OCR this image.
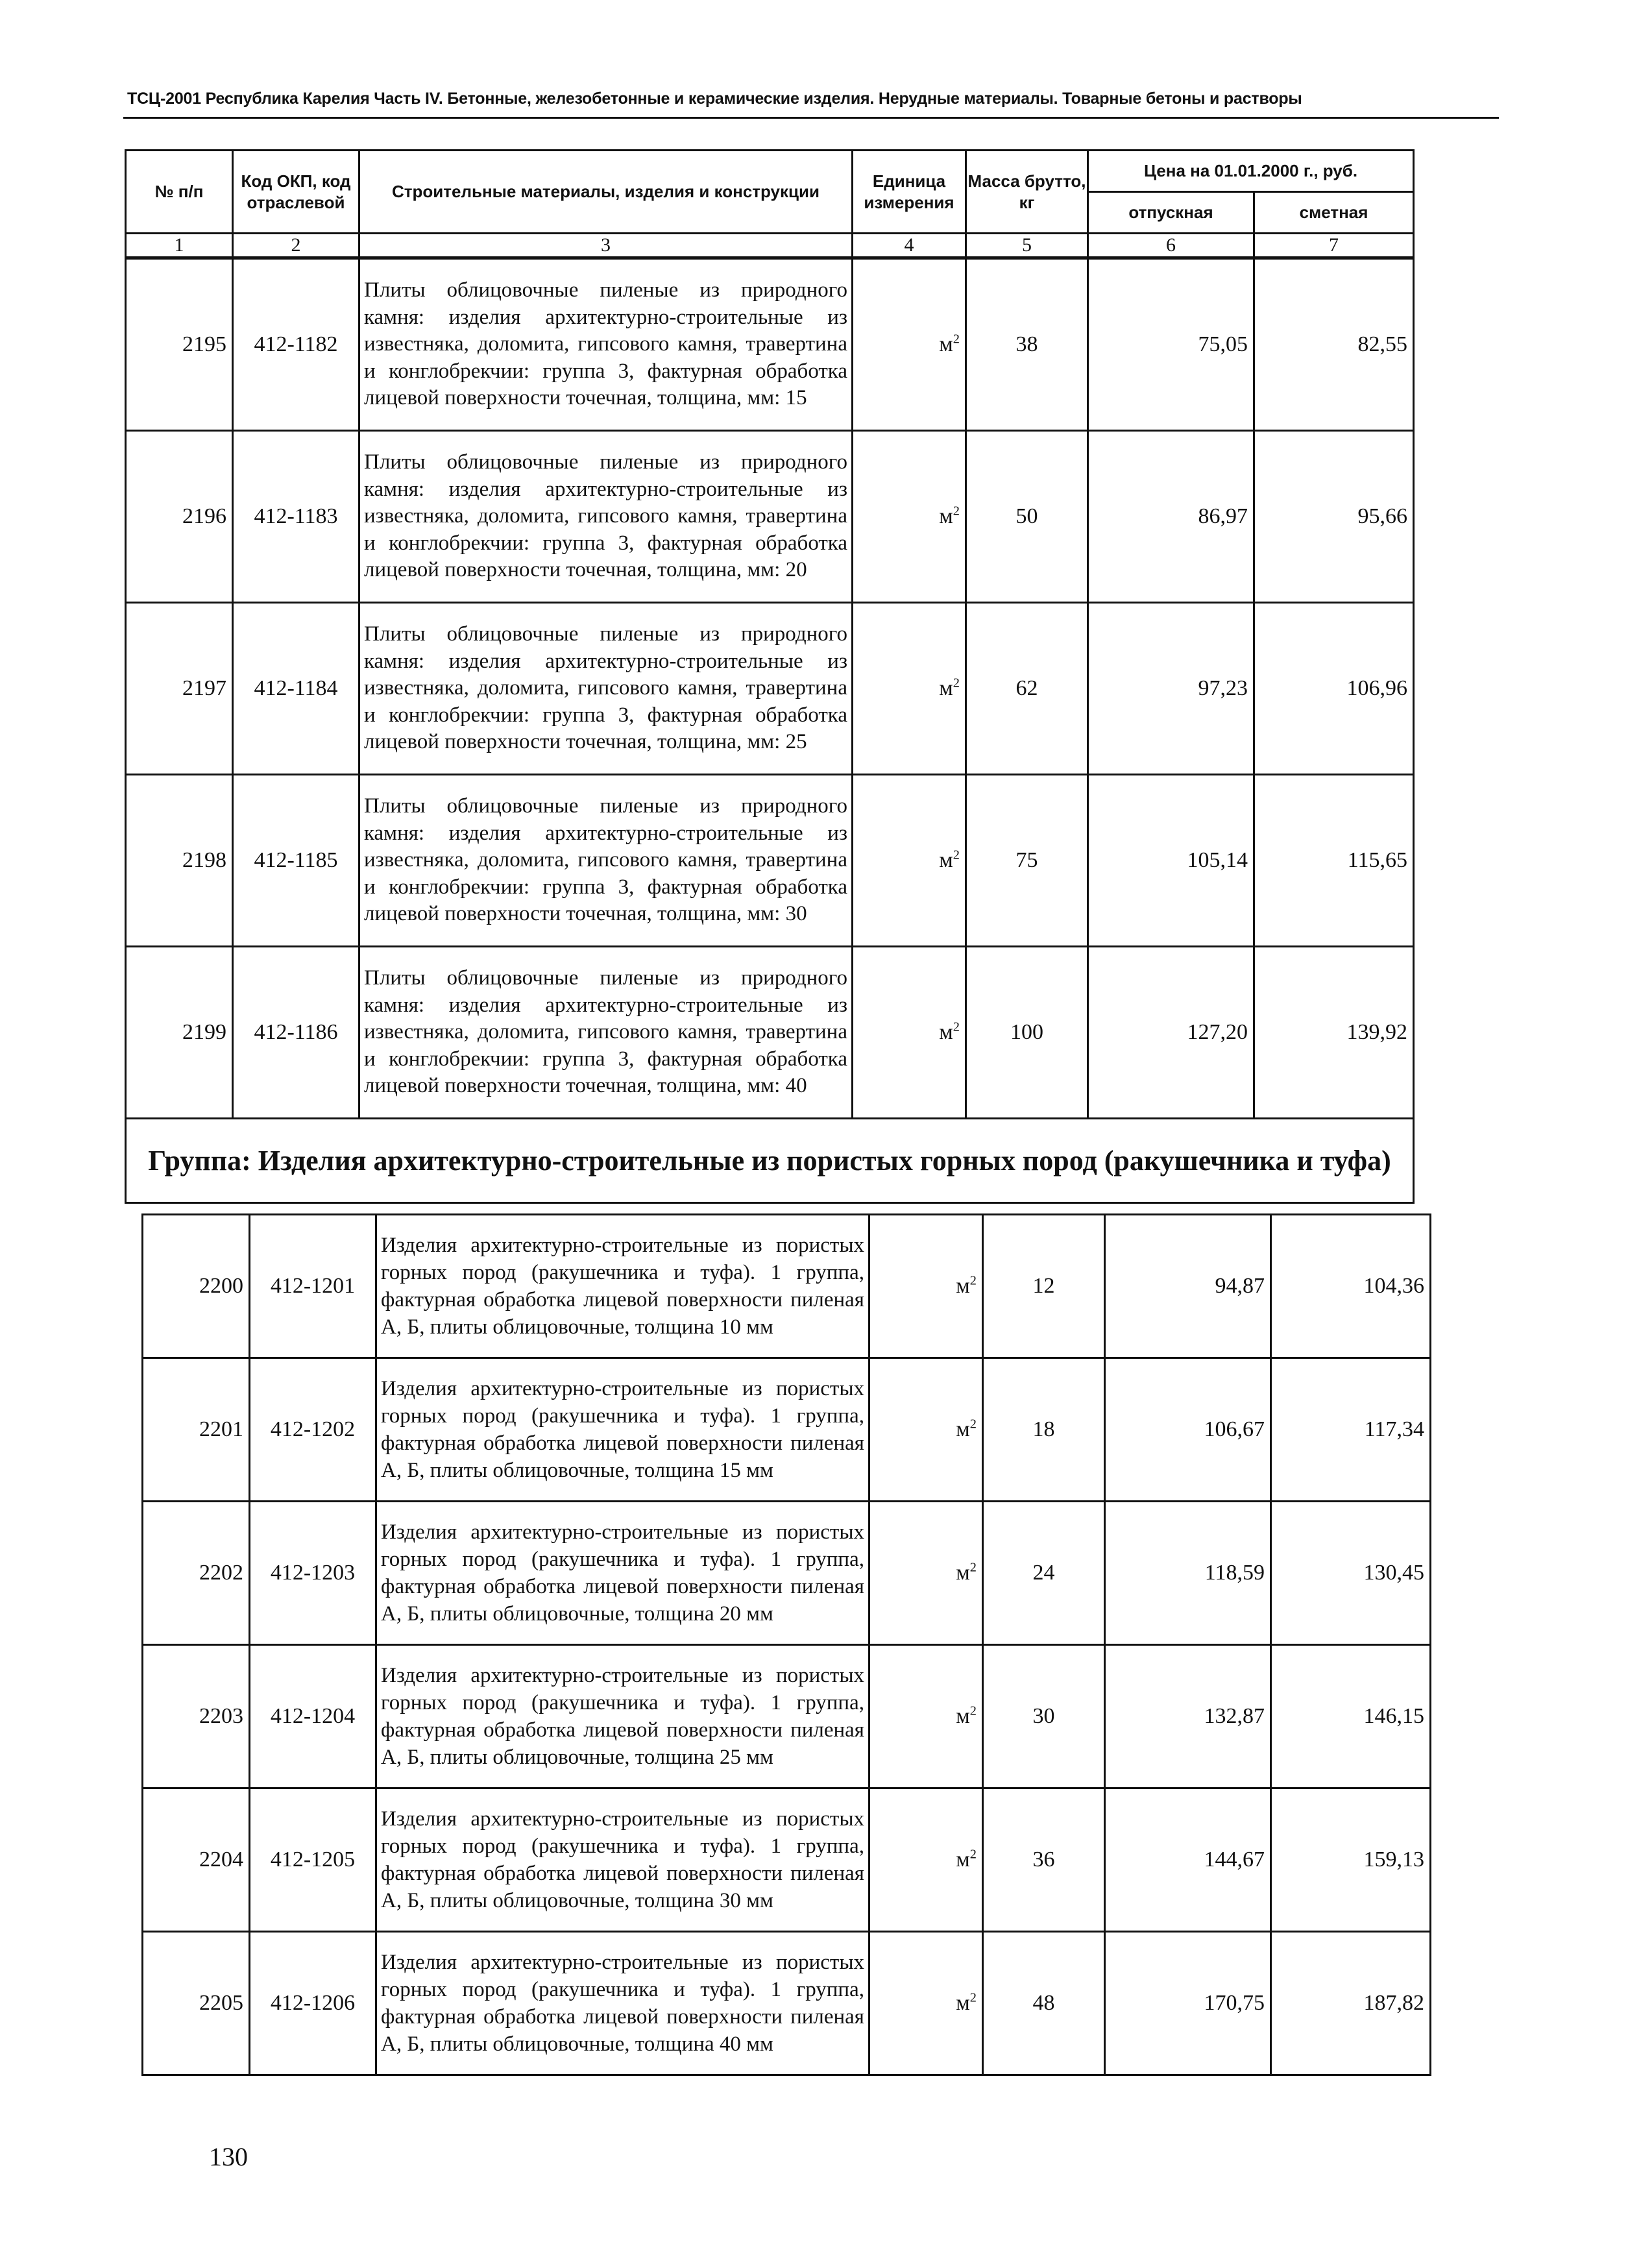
ТСЦ-2001 Республика Карелия Часть IV. Бетонные, железобетонные и керамические изделия. Нерудные материалы. Товарные бетоны и растворы
№ п/п	Код ОКП, код отраслевой	Строительные материалы, изделия и конструкции	Единица измерения	Масса брутто, кг	Цена на 01.01.2000 г., руб.	
					отпускная	сметная
1	2	3	4	5	6	7
2195	412-1182	Плиты облицовочные пиленые из природного камня: изделия архитектурно-строительные из известняка, доломита, гипсового камня, травертина и конглобрекчии: группа 3, фактурная обработка лицевой поверхности точечная, толщина, мм: 15	$м^2$	38	75,05	82,55
2196	412-1183	Плиты облицовочные пиленые из природного камня: изделия архитектурно-строительные из известняка, доломита, гипсового камня, травертина и конглобрекчии: группа 3, фактурная обработка лицевой поверхности точечная, толщина, мм: 20	$м^2$	50	86,97	95,66
2197	412-1184	Плиты облицовочные пиленые из природного камня: изделия архитектурно-строительные из известняка, доломита, гипсового камня, травертина и конглобрекчии: группа 3, фактурная обработка лицевой поверхности точечная, толщина, мм: 25	$м^2$	62	97,23	106,96
2198	412-1185	Плиты облицовочные пиленые из природного камня: изделия архитектурно-строительные из известняка, доломита, гипсового камня, травертина и конглобрекчии: группа 3, фактурная обработка лицевой поверхности точечная, толщина, мм: 30	$м^2$	75	105,14	115,65
2199	412-1186	Плиты облицовочные пиленые из природного камня: изделия архитектурно-строительные из известняка, доломита, гипсового камня, травертина и конглобрекчии: группа 3, фактурная обработка лицевой поверхности точечная, толщина, мм: 40	$м^2$	100	127,20	139,92
Группа: Изделия архитектурно-строительные из пористых горных пород (ракушечника и туфа)						
2200	412-1201	Изделия архитектурно-строительные из пористых горных пород (ракушечника и туфа). 1 группа, фактурная обработка лицевой поверхности пиленая А, Б, плиты облицовочные, толщина 10 мм	$м^2$	12	94,87	104,36
2201	412-1202	Изделия архитектурно-строительные из пористых горных пород (ракушечника и туфа). 1 группа, фактурная обработка лицевой поверхности пиленая А, Б, плиты облицовочные, толщина 15 мм	$м^2$	18	106,67	117,34
2202	412-1203	Изделия архитектурно-строительные из пористых горных пород (ракушечника и туфа). 1 группа, фактурная обработка лицевой поверхности пиленая А, Б, плиты облицовочные, толщина 20 мм	$м^2$	24	118,59	130,45
2203	412-1204	Изделия архитектурно-строительные из пористых горных пород (ракушечника и туфа). 1 группа, фактурная обработка лицевой поверхности пиленая А, Б, плиты облицовочные, толщина 25 мм	$м^2$	30	132,87	146,15
2204	412-1205	Изделия архитектурно-строительные из пористых горных пород (ракушечника и туфа). 1 группа, фактурная обработка лицевой поверхности пиленая А, Б, плиты облицовочные, толщина 30 мм	$м^2$	36	144,67	159,13
2205	412-1206	Изделия архитектурно-строительные из пористых горных пород (ракушечника и туфа). 1 группа, фактурная обработка лицевой поверхности пиленая А, Б, плиты облицовочные, толщина 40 мм	$м^2$	48	170,75	187,82
130
